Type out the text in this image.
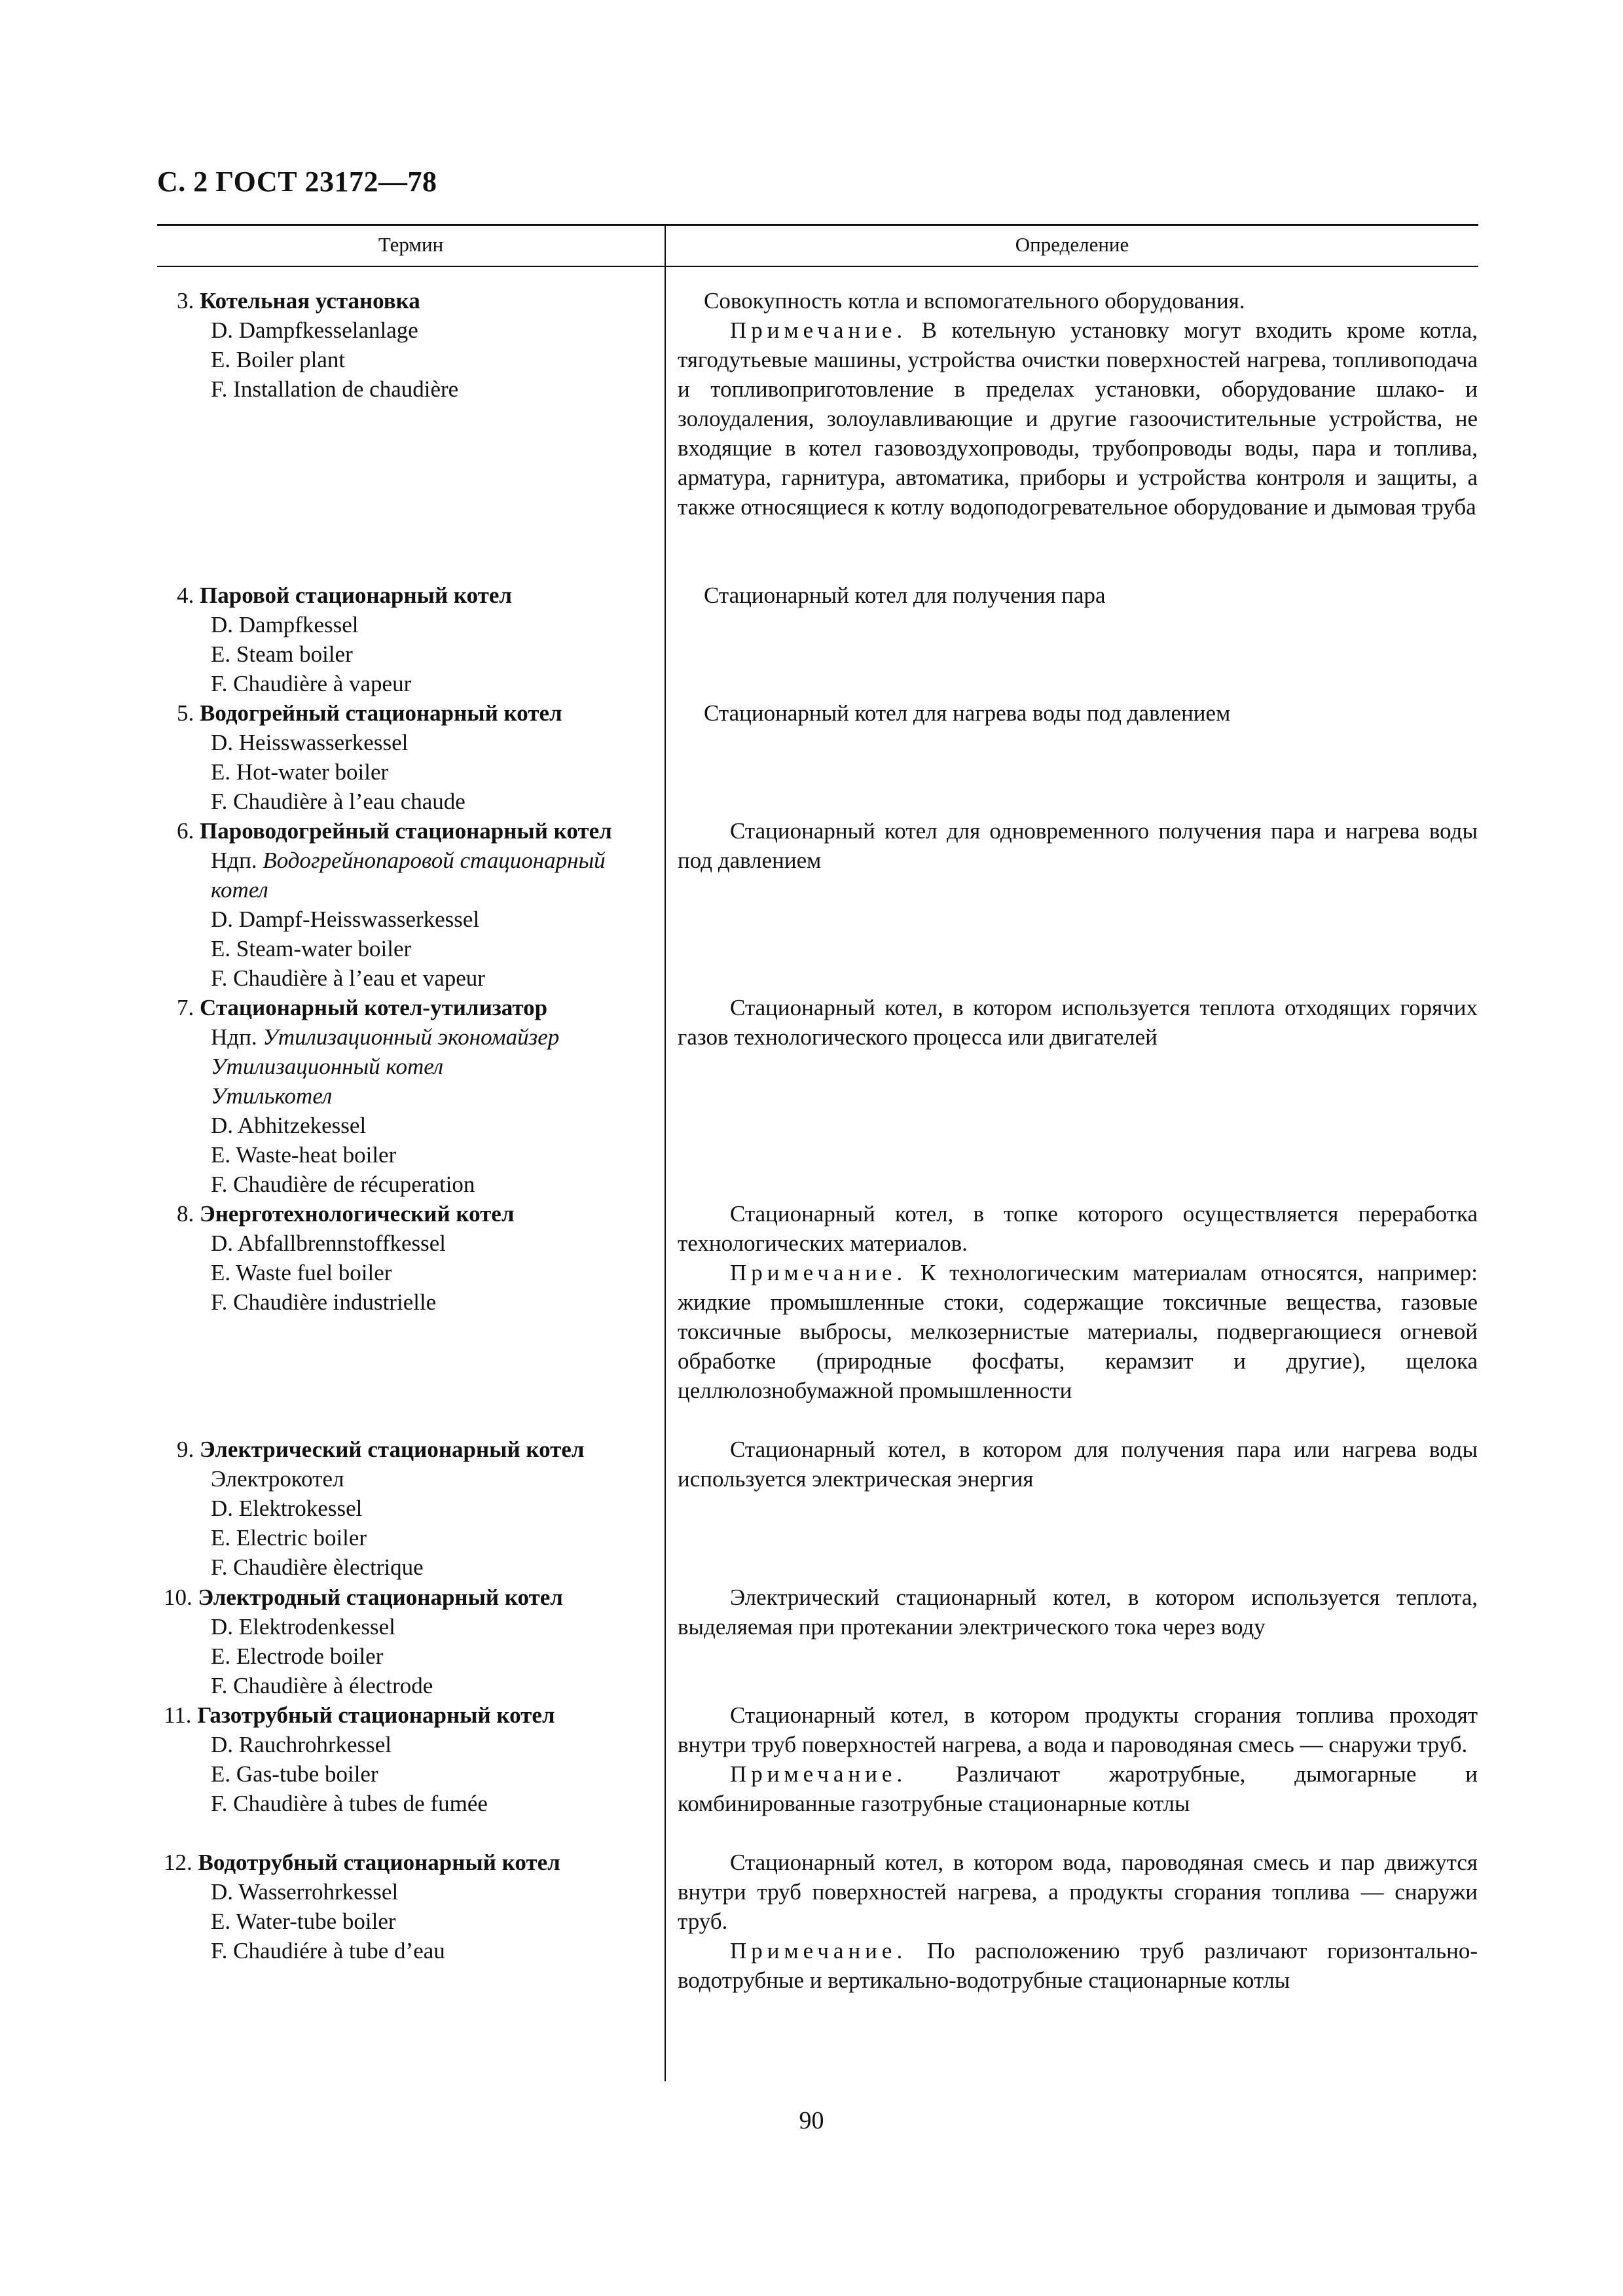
С. 2 ГОСТ 23172—78
Термин	Определение
3. Котельная установка
D. Dampfkesselanlage
E. Boiler plant
F. Installation de chaudière
Совокупность котла и вспомогательного оборудования.
Примечание. В котельную установку могут входить кроме котла, тягодутьевые машины, устройства очистки поверхностей нагрева, топливоподача и топливоприготовление в пределах установки, оборудование шлако- и золоудаления, золоулавливающие и другие газоочистительные устройства, не входящие в котел газовоздухопроводы, трубопроводы воды, пара и топлива, арматура, гарнитура, автоматика, приборы и устройства контроля и защиты, а также относящиеся к котлу водоподогревательное оборудование и дымовая труба
4. Паровой стационарный котел
D. Dampfkessel
E. Steam boiler
F. Chaudière à vapeur
Стационарный котел для получения пара
5. Водогрейный стационарный котел
D. Heisswasserkessel
E. Hot-water boiler
F. Chaudière à l’eau chaude
Стационарный котел для нагрева воды под давлением
6. Пароводогрейный стационарный котел
Ндп. Водогрейнопаровой стационарный
котел
D. Dampf-Heisswasserkessel
E. Steam-water boiler
F. Chaudière à l’eau et vapeur
Стационарный котел для одновременного получения пара и нагрева воды под давлением
7. Стационарный котел-утилизатор
Ндп. Утилизационный экономайзер
Утилизационный котел
Утилькотел
D. Abhitzekessel
E. Waste-heat boiler
F. Chaudière de récuperation
Стационарный котел, в котором используется теплота отходящих горячих газов технологического процесса или двигателей
8. Энерготехнологический котел
D. Abfallbrennstoffkessel
E. Waste fuel boiler
F. Chaudière industrielle
Стационарный котел, в топке которого осуществляется переработка технологических материалов.
Примечание. К технологическим материалам относятся, например: жидкие промышленные стоки, содержащие токсичные вещества, газовые токсичные выбросы, мелкозернистые материалы, подвергающиеся огневой обработке (природные фосфаты, керамзит и другие), щелока целлюлознобумажной промышленности
9. Электрический стационарный котел
Электрокотел
D. Elektrokessel
E. Electric boiler
F. Chaudière èlectrique
Стационарный котел, в котором для получения пара или нагрева воды используется электрическая энергия
10. Электродный стационарный котел
D. Elektrodenkessel
E. Electrode boiler
F. Chaudière à électrode
Электрический стационарный котел, в котором используется теплота, выделяемая при протекании электрического тока через воду
11. Газотрубный стационарный котел
D. Rauchrohrkessel
E. Gas-tube boiler
F. Chaudière à tubes de fumée
Стационарный котел, в котором продукты сгорания топлива проходят внутри труб поверхностей нагрева, а вода и пароводяная смесь — снаружи труб.
Примечание. Различают жаротрубные, дымогарные и комбинированные газотрубные стационарные котлы
12. Водотрубный стационарный котел
D. Wasserrohrkessel
E. Water-tube boiler
F. Chaudiére à tube d’eau
Стационарный котел, в котором вода, пароводяная смесь и пар движутся внутри труб поверхностей нагрева, а продукты сгорания топлива — снаружи труб.
Примечание. По расположению труб различают горизонтально-водотрубные и вертикально-водотрубные стационарные котлы
90
